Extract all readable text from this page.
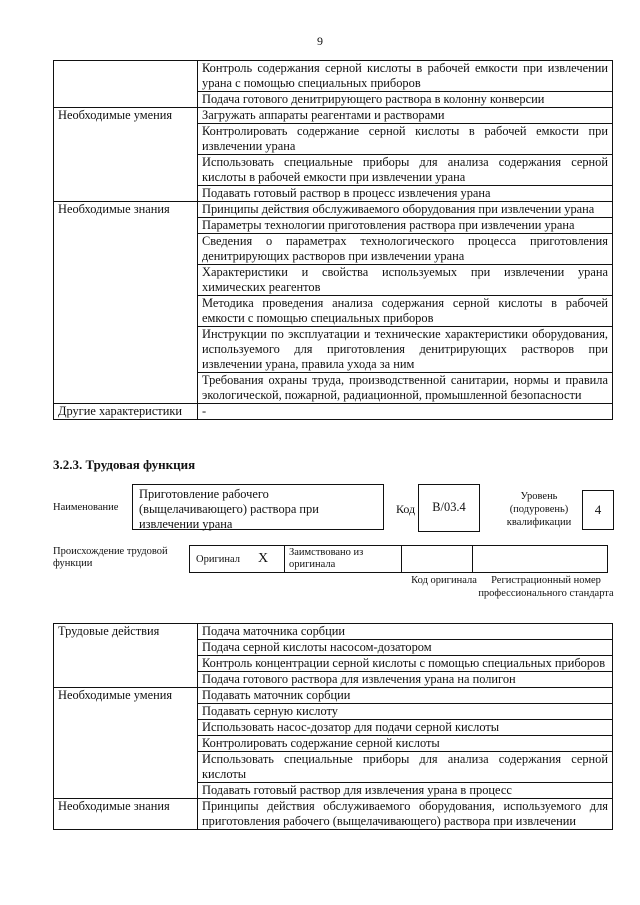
9
	Контроль содержания серной кислоты в рабочей емкости при извлечении урана с помощью специальных приборов
	Подача готового денитрирующего раствора в колонну конверсии
Необходимые умения	Загружать аппараты реагентами и растворами
	Контролировать содержание серной кислоты в рабочей емкости при извлечении урана
	Использовать специальные приборы для анализа содержания серной кислоты в рабочей емкости при извлечении урана
	Подавать готовый раствор в процесс извлечения урана
Необходимые знания	Принципы действия обслуживаемого оборудования при извлечении урана
	Параметры технологии приготовления раствора при извлечении урана
	Сведения о параметрах технологического процесса приготовления денитрирующих растворов при извлечении урана
	Характеристики и свойства используемых при извлечении урана химических реагентов
	Методика проведения анализа содержания серной кислоты в рабочей емкости с помощью специальных приборов
	Инструкции по эксплуатации и технические характеристики оборудования, используемого для приготовления денитрирующих растворов при извлечении урана, правила ухода за ним
	Требования охраны труда, производственной санитарии, нормы и правила экологической, пожарной, радиационной, промышленной безопасности
Другие характеристики	-
3.2.3. Трудовая функция
Наименование
Приготовление рабочего (выщелачивающего) раствора при извлечении урана
Код	В/03.4
Уровень (подуровень) квалификации
4
Происхождение трудовой функции	Оригинал X	Заимствовано из оригинала
Код оригинала	Регистрационный номер профессионального стандарта
Трудовые действия	Подача маточника сорбции
	Подача серной кислоты насосом-дозатором
	Контроль концентрации серной кислоты с помощью специальных приборов
	Подача готового раствора для извлечения урана на полигон
Необходимые умения	Подавать маточник сорбции
	Подавать серную кислоту
	Использовать насос-дозатор для подачи серной кислоты
	Контролировать содержание серной кислоты
	Использовать специальные приборы для анализа содержания серной кислоты
	Подавать готовый раствор для извлечения урана в процесс
Необходимые знания	Принципы действия обслуживаемого оборудования, используемого для приготовления рабочего (выщелачивающего) раствора при извлечении
